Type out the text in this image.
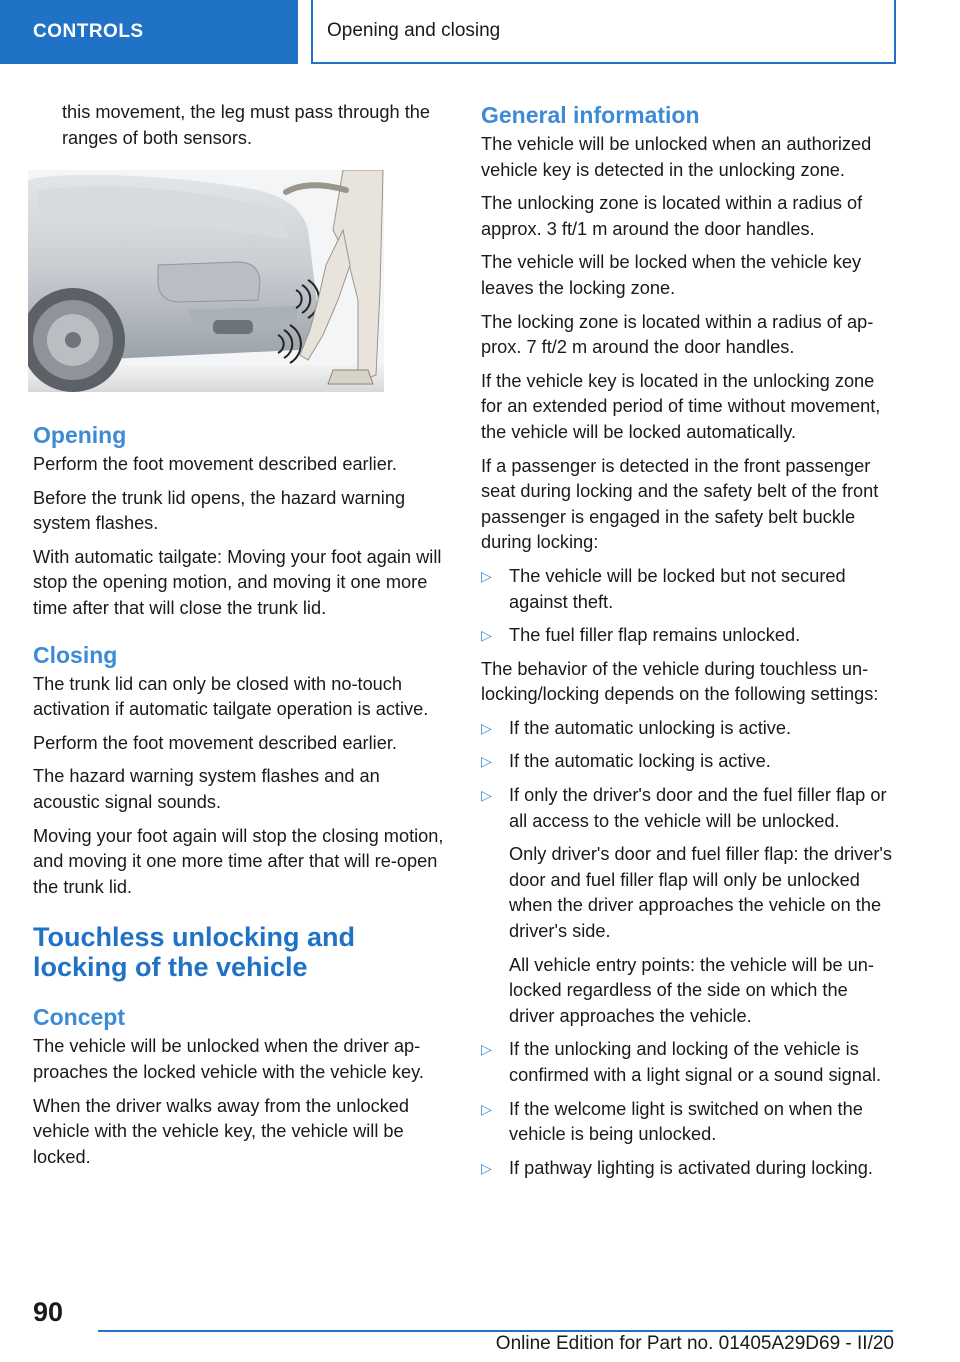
CONTROLS	Opening and closing

this movement, the leg must pass through the ranges of both sensors.

Opening

Perform the foot movement described earlier.

Before the trunk lid opens, the hazard warning system flashes.

With automatic tailgate: Moving your foot again will stop the opening motion, and moving it one more time after that will close the trunk lid.

Closing

The trunk lid can only be closed with no-touch activation if automatic tailgate operation is active.

Perform the foot movement described earlier.

The hazard warning system flashes and an acoustic signal sounds.

Moving your foot again will stop the closing motion, and moving it one more time after that will re-open the trunk lid.

Touchless unlocking and locking of the vehicle
Concept

The vehicle will be unlocked when the driver approaches the locked vehicle with the vehicle key.

When the driver walks away from the unlocked vehicle with the vehicle key, the vehicle will be locked.

General information

The vehicle will be unlocked when an authorized vehicle key is detected in the unlocking zone.

The unlocking zone is located within a radius of approx. 3 ft/1 m around the door handles.

The vehicle will be locked when the vehicle key leaves the locking zone.

The locking zone is located within a radius of approx. 7 ft/2 m around the door handles.

If the vehicle key is located in the unlocking zone for an extended period of time without movement, the vehicle will be locked automatically.

If a passenger is detected in the front passenger seat during locking and the safety belt of the front passenger is engaged in the safety belt buckle during locking:

▷ The vehicle will be locked but not secured against theft.
▷ The fuel filler flap remains unlocked.

The behavior of the vehicle during touchless unlocking/locking depends on the following settings:

▷ If the automatic unlocking is active.
▷ If the automatic locking is active.
▷ If only the driver's door and the fuel filler flap or all access to the vehicle will be unlocked.

Only driver's door and fuel filler flap: the driver's door and fuel filler flap will only be unlocked when the driver approaches the vehicle on the driver's side.

All vehicle entry points: the vehicle will be unlocked regardless of the side on which the driver approaches the vehicle.

▷ If the unlocking and locking of the vehicle is confirmed with a light signal or a sound signal.
▷ If the welcome light is switched on when the vehicle is being unlocked.
▷ If pathway lighting is activated during locking.
90
Online Edition for Part no. 01405A29D69 - II/20
